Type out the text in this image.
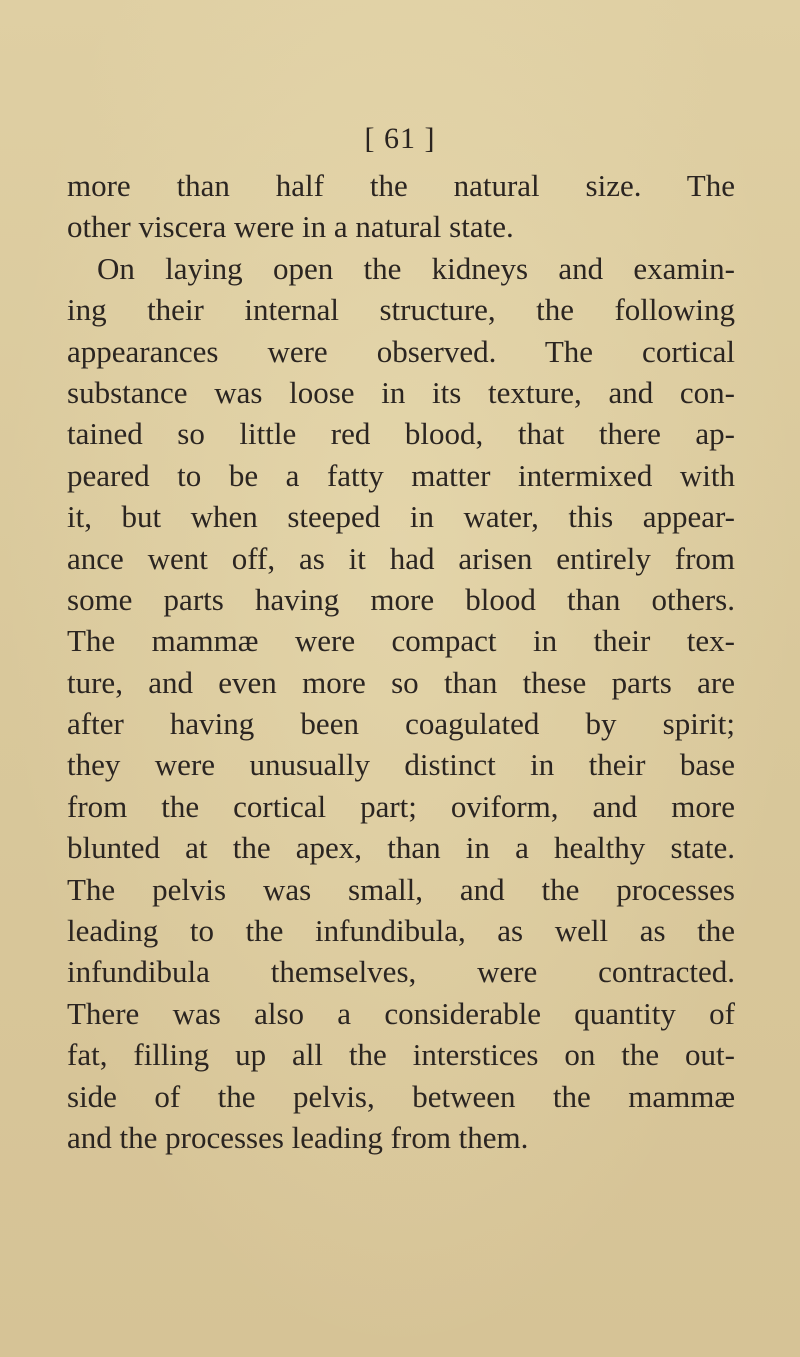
[ 61 ]
more than half the natural size. The
other viscera were in a natural state.
On laying open the kidneys and examin-
ing their internal structure, the following
appearances were observed. The cortical
substance was loose in its texture, and con-
tained so little red blood, that there ap-
peared to be a fatty matter intermixed with
it, but when steeped in water, this appear-
ance went off, as it had arisen entirely from
some parts having more blood than others.
The mammæ were compact in their tex-
ture, and even more so than these parts are
after having been coagulated by spirit;
they were unusually distinct in their base
from the cortical part; oviform, and more
blunted at the apex, than in a healthy state.
The pelvis was small, and the processes
leading to the infundibula, as well as the
infundibula themselves, were contracted.
There was also a considerable quantity of
fat, filling up all the interstices on the out-
side of the pelvis, between the mammæ
and the processes leading from them.
